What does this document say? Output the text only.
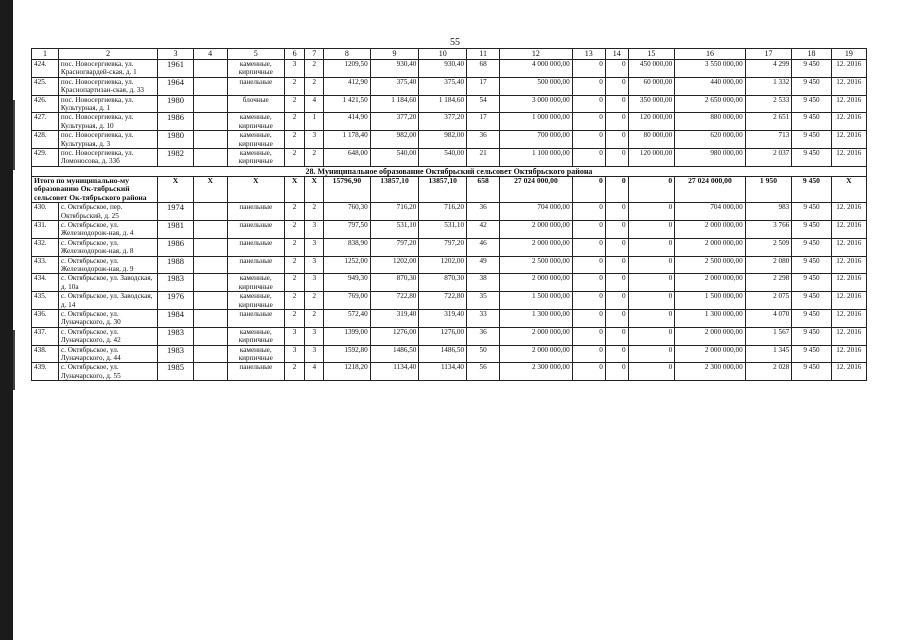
55
1	2	3	4	5	6	7	8	9	10	11	12	13	14	15	16	17	18	19
424.	пос. Новосергиевка, ул. Красногвардей-ская, д. 1	1961		каменные, кирпичные	3	2	1209,50	930,40	930,40	68	4 000 000,00	0	0	450 000,00	3 550 000,00	4 299	9 450	12. 2016
425.	пос. Новосергиевка, ул. Краснопартизан-ская, д. 33	1964		панельные	2	2	412,90	375,40	375,40	17	500 000,00	0	0	60 000,00	440 000,00	1 332	9 450	12. 2016
426.	пос. Новосергиевка, ул. Культурная, д. 1	1980		блочные	2	4	1 421,50	1 184,60	1 184,60	54	3 000 000,00	0	0	350 000,00	2 650 000,00	2 533	9 450	12. 2016
427.	пос. Новосергиевка, ул. Культурная, д. 10	1986		каменные, кирпичные	2	1	414,90	377,20	377,20	17	1 000 000,00	0	0	120 000,00	880 000,00	2 651	9 450	12. 2016
428.	пос. Новосергиевка, ул. Культурная, д. 3	1980		каменные, кирпичные	2	3	1 178,40	982,00	982,00	36	700 000,00	0	0	80 000,00	620 000,00	713	9 450	12. 2016
429.	пос. Новосергиевка, ул. Ломоносова, д. 33б	1982		каменные, кирпичные	2	2	648,00	540,00	540,00	21	1 100 000,00	0	0	120 000,00	980 000,00	2 037	9 450	12. 2016
28. Муниципальное образование Октябрьский сельсовет Октябрьского района																		
Итого по муниципально-му образованию Ок-тябрьский сельсовет Ок-тябрьского района		X	X	X	X	X	15796,90	13857,10	13857,10	658	27 024 000,00	0	0	0	27 024 000,00	1 950	9 450	X
430.	с. Октябрьское, пер. Октябрьский, д. 25	1974		панельные	2	2	760,30	716,20	716,20	36	704 000,00	0	0	0	704 000,00	983	9 450	12. 2016
431.	с. Октябрьское, ул. Железнодорож-ная, д. 4	1981		панельные	2	3	797,50	531,10	531,10	42	2 000 000,00	0	0	0	2 000 000,00	3 766	9 450	12. 2016
432.	с. Октябрьское, ул. Железнодорож-ная, д. 8	1986		панельные	2	3	838,90	797,20	797,20	46	2 000 000,00	0	0	0	2 000 000,00	2 509	9 450	12. 2016
433.	с. Октябрьское, ул. Железнодорож-ная, д. 9	1988		панельные	2	3	1252,00	1202,00	1202,00	49	2 500 000,00	0	0	0	2 500 000,00	2 080	9 450	12. 2016
434.	с. Октябрьское, ул. Заводская, д. 10а	1983		каменные, кирпичные	2	3	949,30	870,30	870,30	38	2 000 000,00	0	0	0	2 000 000,00	2 298	9 450	12. 2016
435.	с. Октябрьское, ул. Заводская, д. 14	1976		каменные, кирпичные	2	2	769,00	722,80	722,80	35	1 500 000,00	0	0	0	1 500 000,00	2 075	9 450	12. 2016
436.	с. Октябрьское, ул. Луначарского, д. 30	1984		панельные	2	2	572,40	319,40	319,40	33	1 300 000,00	0	0	0	1 300 000,00	4 070	9 450	12. 2016
437.	с. Октябрьское, ул. Луначарского, д. 42	1983		каменные, кирпичные	3	3	1399,00	1276,00	1276,00	36	2 000 000,00	0	0	0	2 000 000,00	1 567	9 450	12. 2016
438.	с. Октябрьское, ул. Луначарского, д. 44	1983		каменные, кирпичные	3	3	1592,80	1486,50	1486,50	50	2 000 000,00	0	0	0	2 000 000,00	1 345	9 450	12. 2016
439.	с. Октябрьское, ул. Луначарского, д. 55	1985		панельные	2	4	1218,20	1134,40	1134,40	56	2 300 000,00	0	0	0	2 300 000,00	2 028	9 450	12. 2016
